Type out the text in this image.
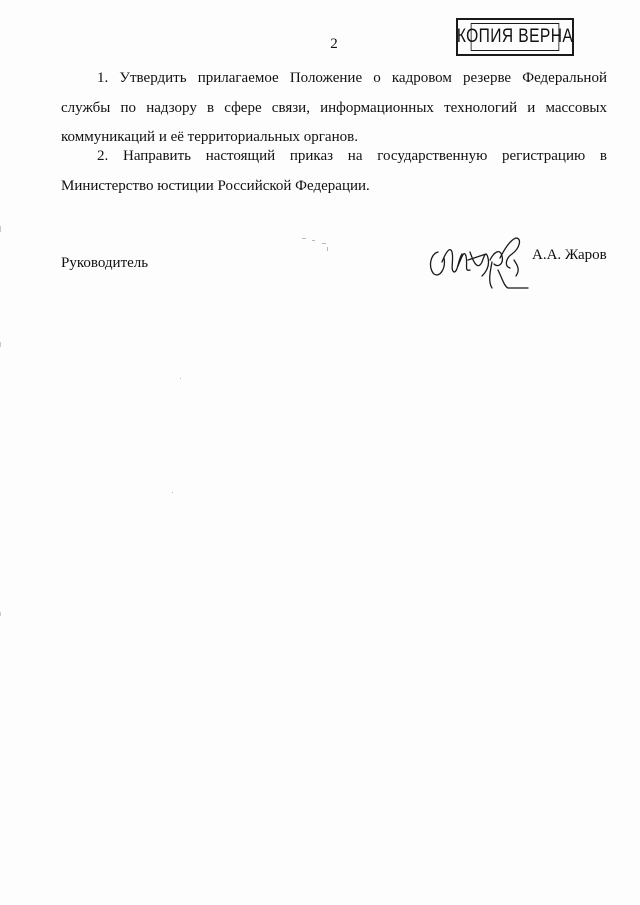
2	КОПИЯ ВЕРНА

1. Утвердить прилагаемое Положение о кадровом резерве Федеральной службы по надзору в сфере связи, информационных технологий и массовых коммуникаций и её территориальных органов.

2. Направить настоящий приказ на государственную регистрацию в Министерство юстиции Российской Федерации.

Руководитель	А.А. Жаров
